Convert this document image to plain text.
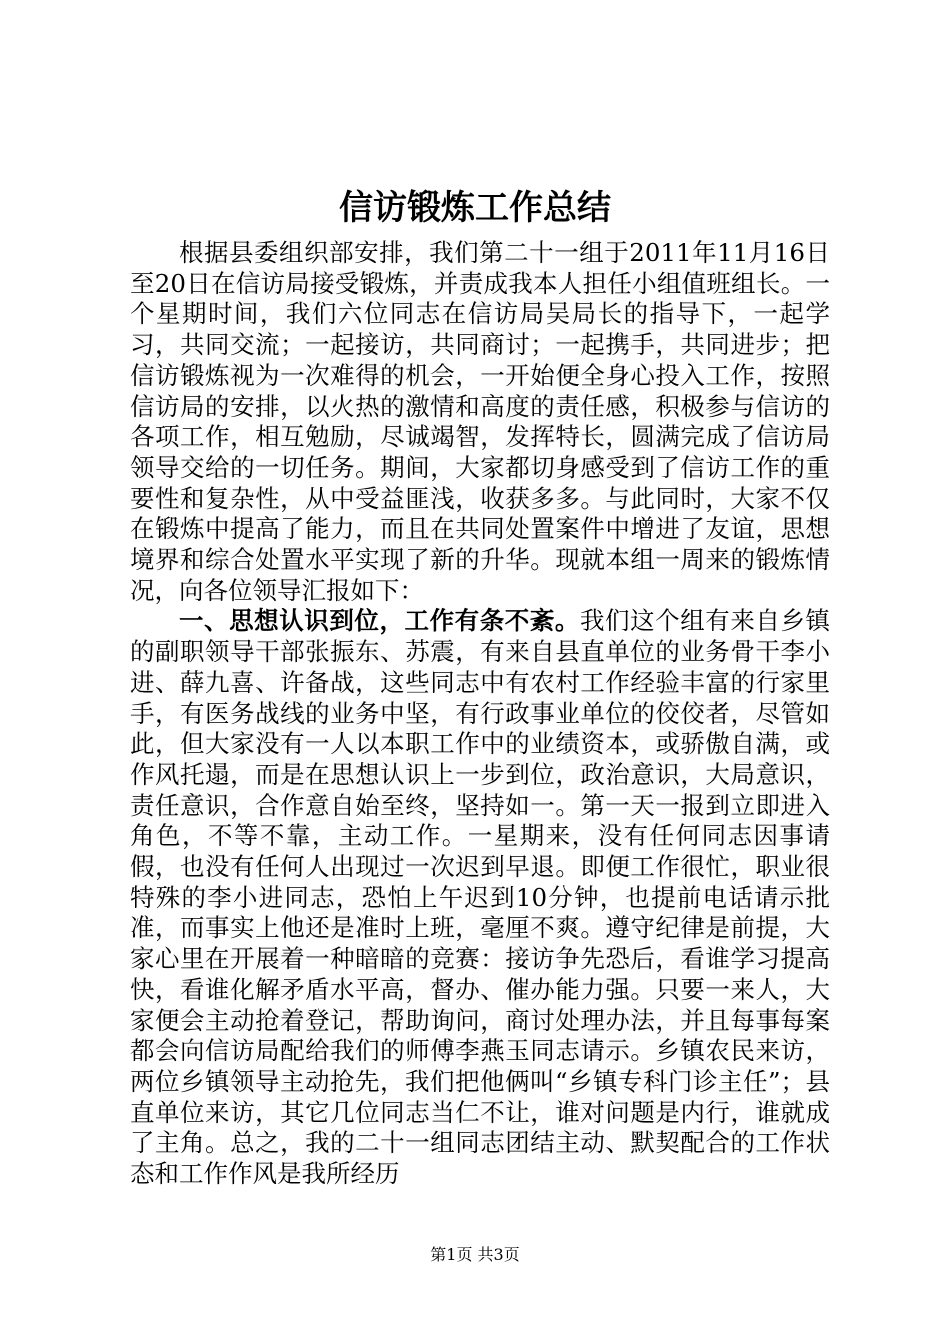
信访锻炼工作总结

根据县委组织部安排，我们第二十一组于2011年11月16日至20日在信访局接受锻炼，并责成我本人担任小组值班组长。一个星期时间，我们六位同志在信访局吴局长的指导下，一起学习，共同交流；一起接访，共同商讨；一起携手，共同进步；把信访锻炼视为一次难得的机会，一开始便全身心投入工作，按照信访局的安排，以火热的激情和高度的责任感，积极参与信访的各项工作，相互勉励，尽诚竭智，发挥特长，圆满完成了信访局领导交给的一切任务。期间，大家都切身感受到了信访工作的重要性和复杂性，从中受益匪浅，收获多多。与此同时，大家不仅在锻炼中提高了能力，而且在共同处置案件中增进了友谊，思想境界和综合处置水平实现了新的升华。现就本组一周来的锻炼情况，向各位领导汇报如下：

一、思想认识到位，工作有条不紊。我们这个组有来自乡镇的副职领导干部张振东、苏震，有来自县直单位的业务骨干李小进、薛九喜、许备战，这些同志中有农村工作经验丰富的行家里手，有医务战线的业务中坚，有行政事业单位的佼佼者，尽管如此，但大家没有一人以本职工作中的业绩资本，或骄傲自满，或作风托遢，而是在思想认识上一步到位，政治意识，大局意识，责任意识，合作意自始至终，坚持如一。第一天一报到立即进入角色，不等不靠，主动工作。一星期来，没有任何同志因事请假，也没有任何人出现过一次迟到早退。即便工作很忙，职业很特殊的李小进同志，恐怕上午迟到10分钟，也提前电话请示批准，而事实上他还是准时上班，毫厘不爽。遵守纪律是前提，大家心里在开展着一种暗暗的竞赛：接访争先恐后，看谁学习提高快，看谁化解矛盾水平高，督办、催办能力强。只要一来人，大家便会主动抢着登记，帮助询问，商讨处理办法，并且每事每案都会向信访局配给我们的师傅李燕玉同志请示。乡镇农民来访，两位乡镇领导主动抢先，我们把他俩叫“乡镇专科门诊主任”；县直单位来访，其它几位同志当仁不让，谁对问题是内行，谁就成了主角。总之，我的二十一组同志团结主动、默契配合的工作状态和工作作风是我所经历

第1页 共3页
